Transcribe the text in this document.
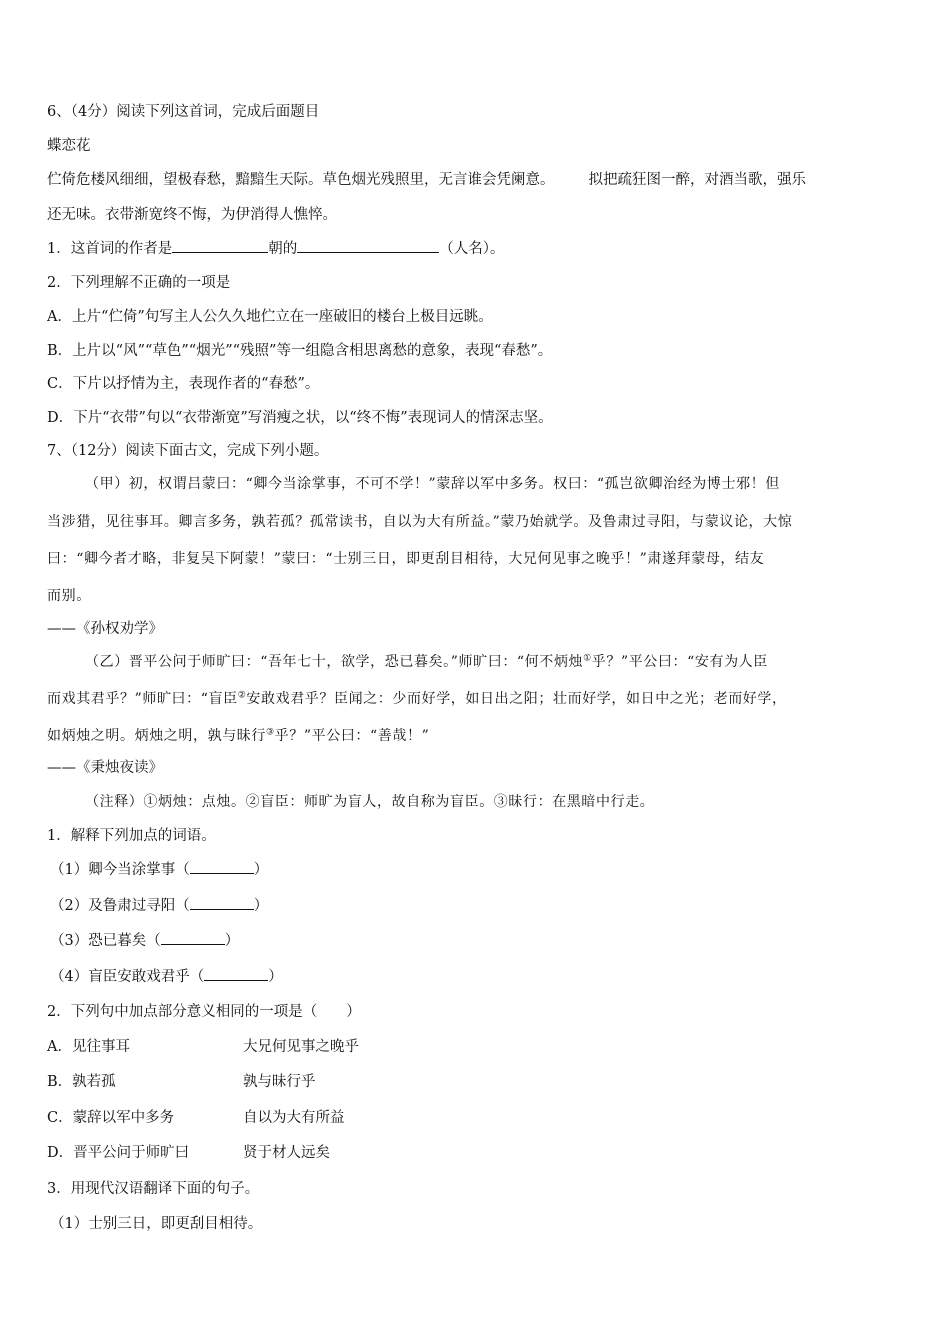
6、（4分）阅读下列这首词，完成后面题目
蝶恋花
伫倚危楼风细细，望极春愁，黯黯生天际。草色烟光残照里，无言谁会凭阑意。 拟把疏狂图一醉，对酒当歌，强乐
还无味。衣带渐宽终不悔，为伊消得人憔悴。
1．这首词的作者是	朝的	（人名）。
2．下列理解不正确的一项是
A．上片“伫倚”句写主人公久久地伫立在一座破旧的楼台上极目远眺。
B．上片以“风”“草色”“烟光”“残照”等一组隐含相思离愁的意象，表现“春愁”。
C．下片以抒情为主，表现作者的“春愁”。
D．下片“衣带”句以“衣带渐宽”写消瘦之状，以“终不悔”表现词人的情深志坚。
7、（12分）阅读下面古文，完成下列小题。
（甲）初，权谓吕蒙曰：“卿今当涂掌事，不可不学！”蒙辞以军中多务。权曰：“孤岂欲卿治经为博士邪！但
当涉猎，见往事耳。卿言多务，孰若孤？孤常读书，自以为大有所益。”蒙乃始就学。及鲁肃过寻阳，与蒙议论，大惊
曰：“卿今者才略，非复吴下阿蒙！”蒙曰：“士别三日，即更刮目相待，大兄何见事之晚乎！”肃遂拜蒙母，结友
而别。
——《孙权劝学》
（乙）晋平公问于师旷曰：“吾年七十，欲学，恐已暮矣。”师旷曰：“何不炳烛①乎？”平公曰：“安有为人臣
而戏其君乎？”师旷曰：“盲臣②安敢戏君乎？臣闻之：少而好学，如日出之阳；壮而好学，如日中之光；老而好学，
如炳烛之明。炳烛之明，孰与昧行③乎？”平公曰：“善哉！”
——《秉烛夜读》
（注释）①炳烛：点烛。②盲臣：师旷为盲人，故自称为盲臣。③昧行：在黑暗中行走。
1．解释下列加点的词语。
（1）卿今当涂掌事（	）
（2）及鲁肃过寻阳（	）
（3）恐已暮矣（	）
（4）盲臣安敢戏君乎（	）
2．下列句中加点部分意义相同的一项是（　　）
A．见往事耳	大兄何见事之晚乎
B．孰若孤	孰与昧行乎
C．蒙辞以军中多务	自以为大有所益
D．晋平公问于师旷曰	贤于材人远矣
3．用现代汉语翻译下面的句子。
（1）士别三日，即更刮目相待。
